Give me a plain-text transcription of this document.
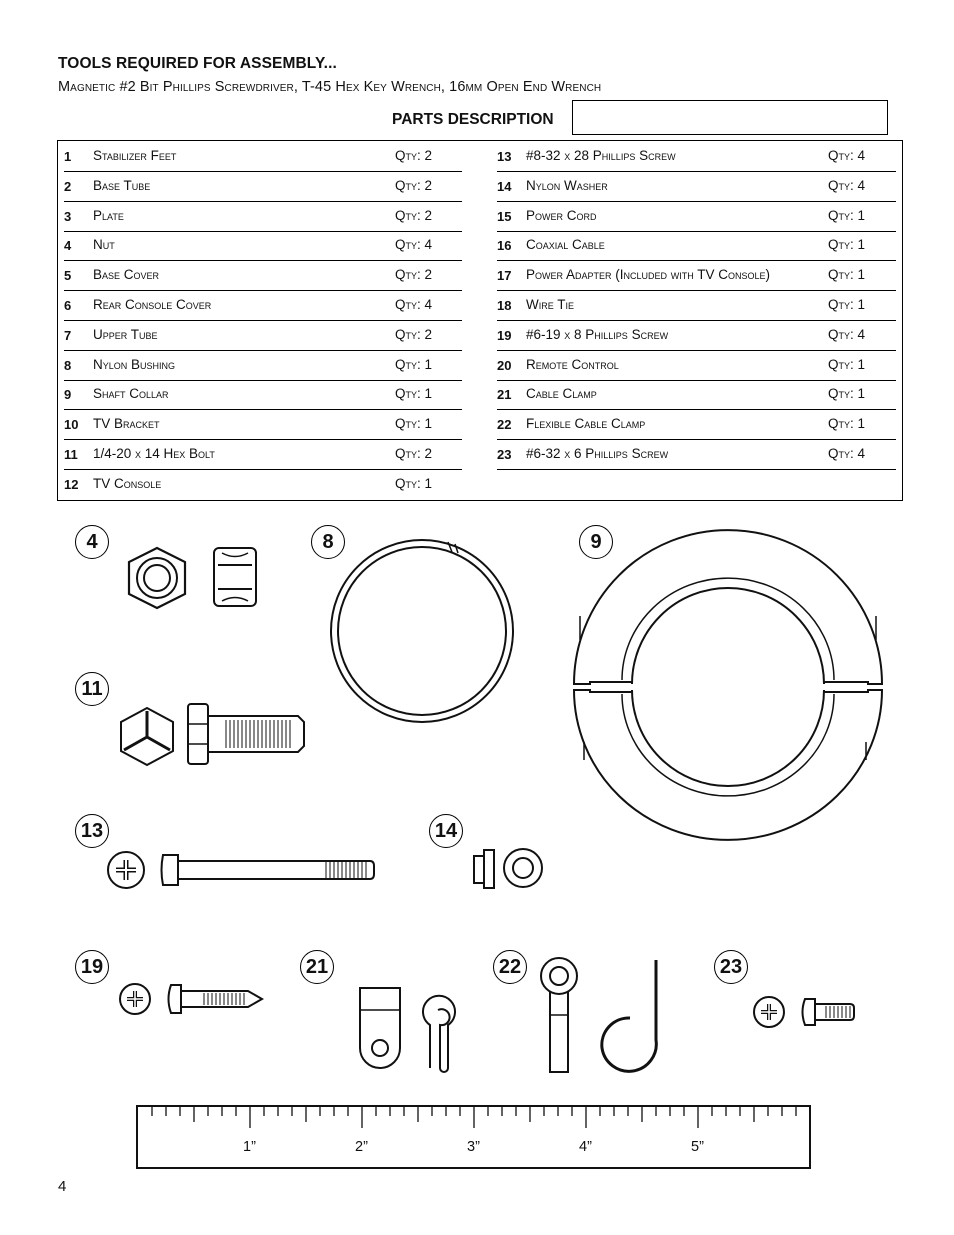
TOOLS REQUIRED FOR ASSEMBLY...
Magnetic #2 Bit Phillips Screwdriver, T-45 Hex Key Wrench, 16mm Open End Wrench
PARTS DESCRIPTION
1 Stabilizer Feet	Qty: 2
2 Base Tube	Qty: 2
3 Plate	Qty: 2
4 Nut	Qty: 4
5 Base Cover	Qty: 2
6 Rear Console Cover	Qty: 4
7 Upper Tube	Qty: 2
8 Nylon Bushing	Qty: 1
9 Shaft Collar	Qty: 1
10 TV Bracket	Qty: 1
11 1/4-20 x 14 Hex Bolt	Qty: 2
12 TV Console	Qty: 1
13 #8-32 x 28 Phillips Screw	Qty: 4
14 Nylon Washer	Qty: 4
15 Power Cord	Qty: 1
16 Coaxial Cable	Qty: 1
17 Power Adapter (Included with TV Console)	Qty: 1
18 Wire Tie	Qty: 1
19 #6-19 x 8 Phillips Screw	Qty: 4
20 Remote Control	Qty: 1
21 Cable Clamp	Qty: 1
22 Flexible Cable Clamp	Qty: 1
23 #6-32 x 6 Phillips Screw	Qty: 4
4	8	9
11
13	14
19	21	22	23
1”	2”	3”	4”	5”
4
